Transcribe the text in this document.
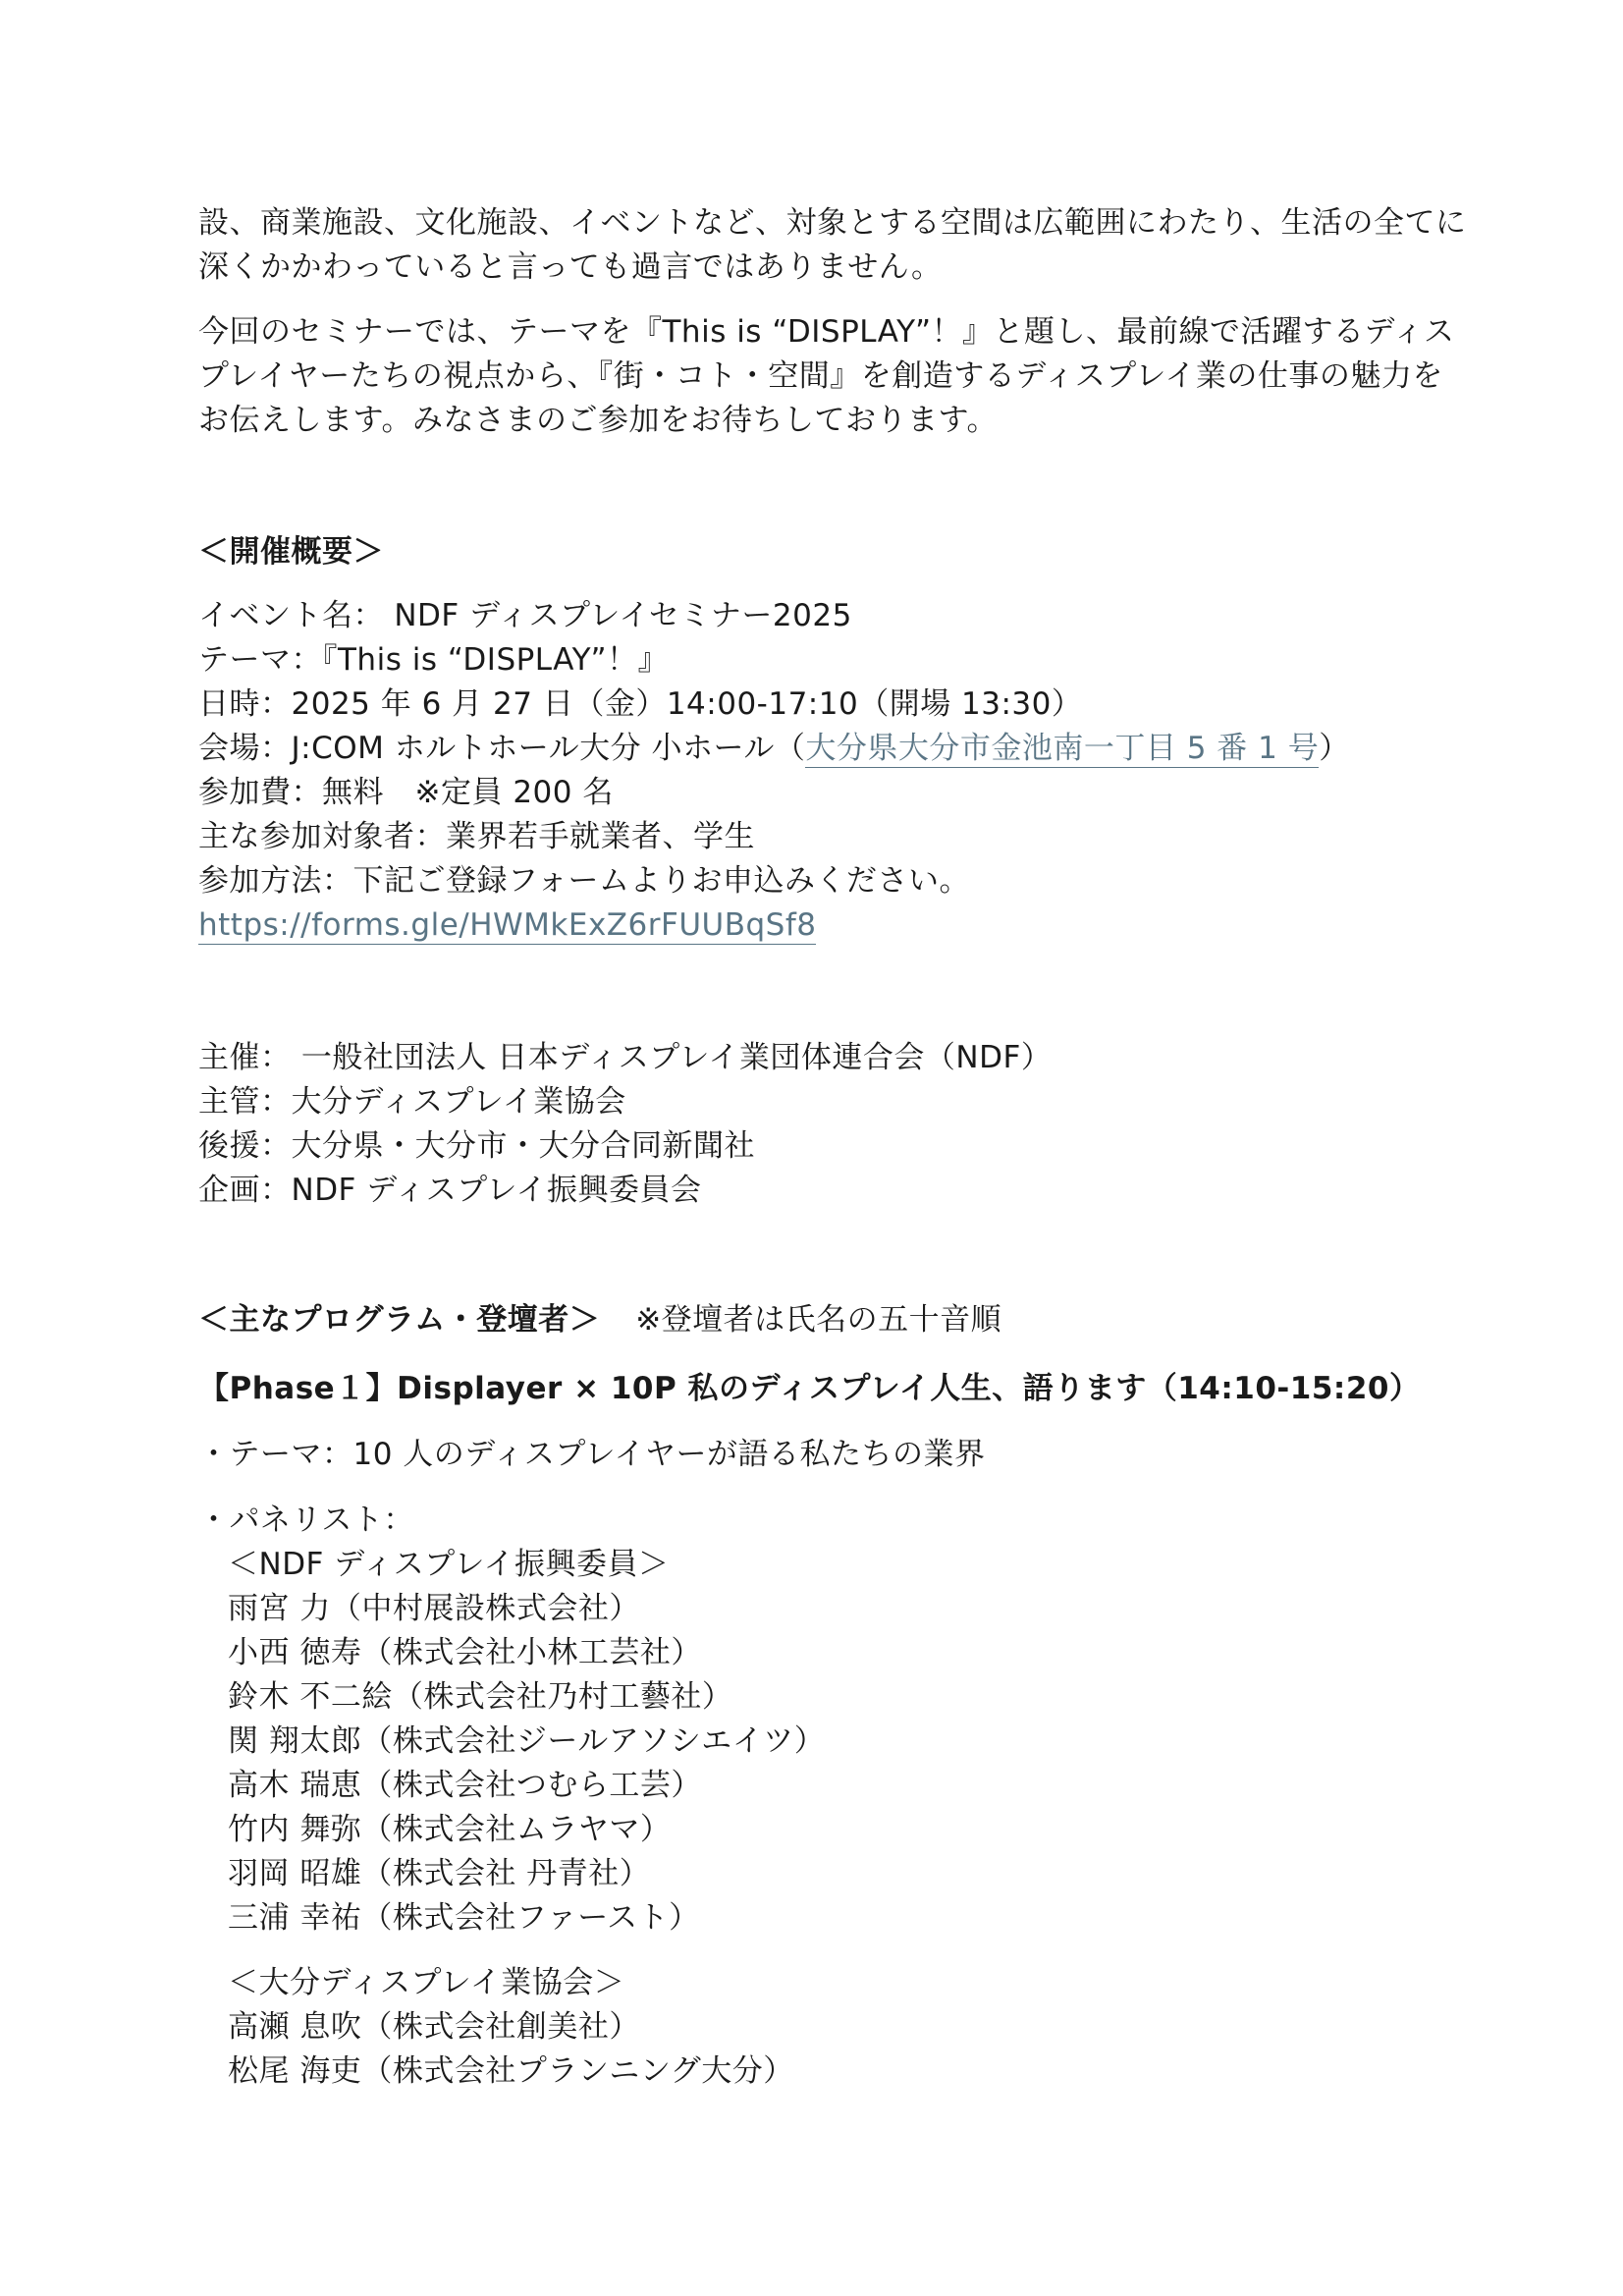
設、商業施設、文化施設、イベントなど、対象とする空間は広範囲にわたり、生活の全てに
深くかかわっていると言っても過言ではありません。
今回のセミナーでは、テーマを『This is “DISPLAY”！』と題し、最前線で活躍するディス
プレイヤーたちの視点から、『街・コト・空間』を創造するディスプレイ業の仕事の魅力を
お伝えします。みなさまのご参加をお待ちしております。
＜開催概要＞
イベント名： NDF ディスプレイセミナー2025
テーマ：『This is “DISPLAY”！』
日時：2025 年 6 月 27 日（金）14:00-17:10（開場 13:30）
会場：J:COM ホルトホール大分 小ホール（大分県大分市金池南一丁目 5 番 1 号）
参加費：無料　※定員 200 名
主な参加対象者：業界若手就業者、学生
参加方法：下記ご登録フォームよりお申込みください。
https://forms.gle/HWMkExZ6rFUUBqSf8
主催： 一般社団法人 日本ディスプレイ業団体連合会（NDF）
主管：大分ディスプレイ業協会
後援：大分県・大分市・大分合同新聞社
企画：NDF ディスプレイ振興委員会
＜主なプログラム・登壇者＞ ※登壇者は氏名の五十音順
【Phase１】Displayer × 10P 私のディスプレイ人生、語ります（14:10-15:20）
・テーマ：10 人のディスプレイヤーが語る私たちの業界
・パネリスト：
＜NDF ディスプレイ振興委員＞
雨宮 力（中村展設株式会社）
小西 徳寿（株式会社小林工芸社）
鈴木 不二絵（株式会社乃村工藝社）
関 翔太郎（株式会社ジールアソシエイツ）
高木 瑞恵（株式会社つむら工芸）
竹内 舞弥（株式会社ムラヤマ）
羽岡 昭雄（株式会社 丹青社）
三浦 幸祐（株式会社ファースト）
＜大分ディスプレイ業協会＞
高瀬 息吹（株式会社創美社）
松尾 海吏（株式会社プランニング大分）
